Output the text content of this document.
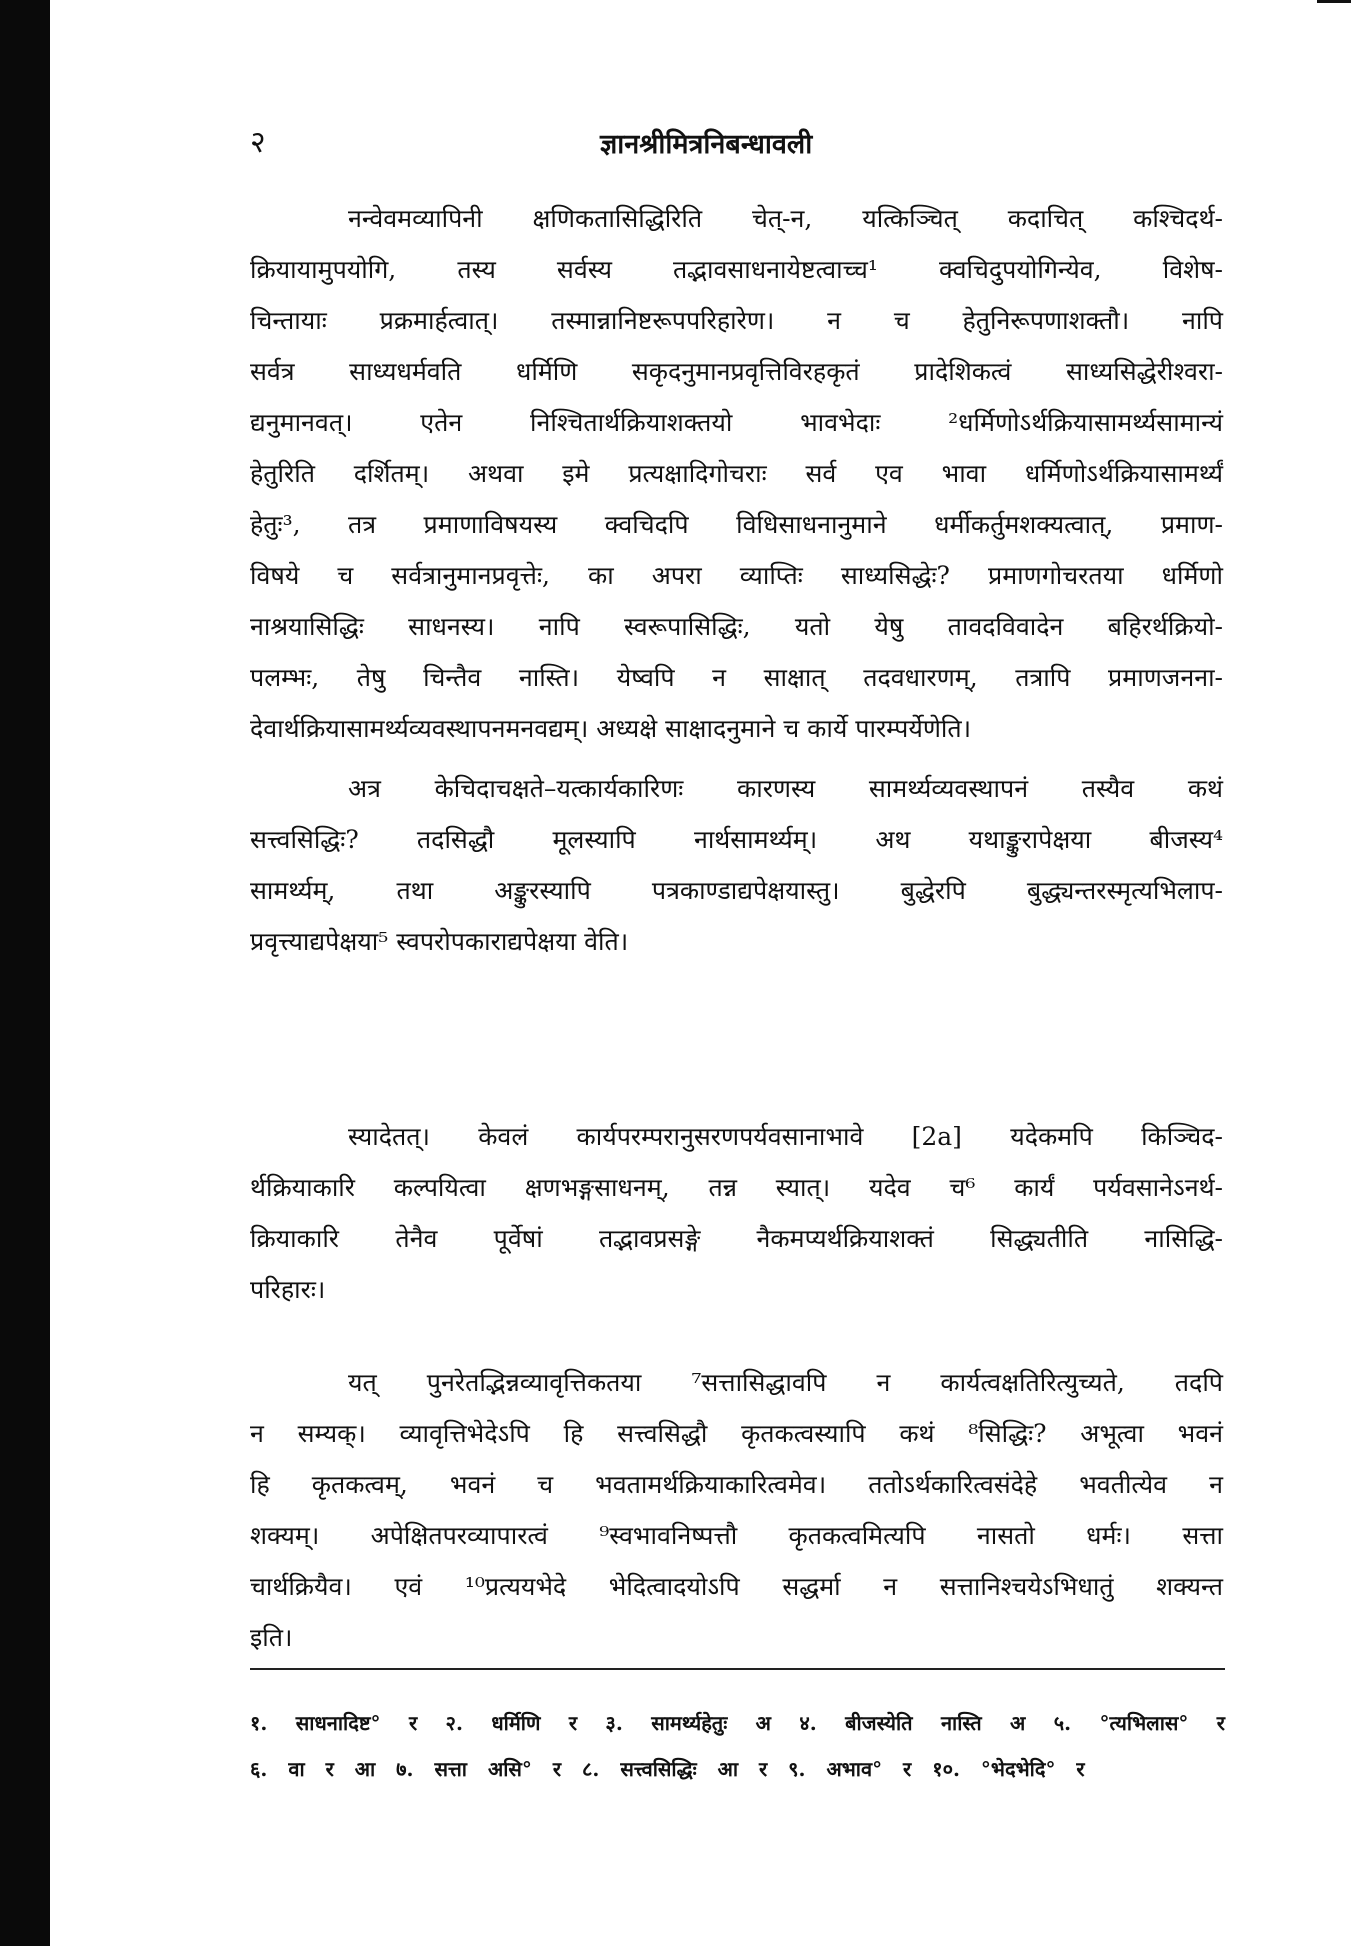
२	ज्ञानश्रीमित्रनिबन्धावली
नन्वेवमव्यापिनी क्षणिकतासिद्धिरिति चेत्-न, यत्किञ्चित् कदाचित् कश्चिदर्थ-
क्रियायामुपयोगि, तस्य सर्वस्य तद्भावसाधनायेष्टत्वाच्च¹ क्वचिदुपयोगिन्येव, विशेष-
चिन्तायाः प्रक्रमार्हत्वात्। तस्मान्नानिष्टरूपपरिहारेण। न च हेतुनिरूपणाशक्तौ। नापि
सर्वत्र साध्यधर्मवति धर्मिणि सकृदनुमानप्रवृत्तिविरहकृतं प्रादेशिकत्वं साध्यसिद्धेरीश्वरा-
द्यनुमानवत्। एतेन निश्चितार्थक्रियाशक्तयो भावभेदाः ²धर्मिणोऽर्थक्रियासामर्थ्यसामान्यं
हेतुरिति दर्शितम्। अथवा इमे प्रत्यक्षादिगोचराः सर्व एव भावा धर्मिणोऽर्थक्रियासामर्थ्यं
हेतुः³, तत्र प्रमाणाविषयस्य क्वचिदपि विधिसाधनानुमाने धर्मीकर्तुमशक्यत्वात्, प्रमाण-
विषये च सर्वत्रानुमानप्रवृत्तेः, का अपरा व्याप्तिः साध्यसिद्धेः? प्रमाणगोचरतया धर्मिणो
नाश्रयासिद्धिः साधनस्य। नापि स्वरूपासिद्धिः, यतो येषु तावदविवादेन बहिरर्थक्रियो-
पलम्भः, तेषु चिन्तैव नास्ति। येष्वपि न साक्षात् तदवधारणम्, तत्रापि प्रमाणजनना-
देवार्थक्रियासामर्थ्यव्यवस्थापनमनवद्यम्। अध्यक्षे साक्षादनुमाने च कार्ये पारम्पर्येणेति।
अत्र केचिदाचक्षते–यत्कार्यकारिणः कारणस्य सामर्थ्यव्यवस्थापनं तस्यैव कथं
सत्त्वसिद्धिः? तदसिद्धौ मूलस्यापि नार्थसामर्थ्यम्। अथ यथाङ्कुरापेक्षया बीजस्य⁴
सामर्थ्यम्, तथा अङ्कुरस्यापि पत्रकाण्डाद्यपेक्षयास्तु। बुद्धेरपि बुद्ध्यन्तरस्मृत्यभिलाप-
प्रवृत्त्याद्यपेक्षया⁵ स्वपरोपकाराद्यपेक्षया वेति।
स्यादेतत्। केवलं कार्यपरम्परानुसरणपर्यवसानाभावे [2a] यदेकमपि किञ्चिद-
र्थक्रियाकारि कल्पयित्वा क्षणभङ्गसाधनम्, तन्न स्यात्। यदेव च⁶ कार्यं पर्यवसानेऽनर्थ-
क्रियाकारि तेनैव पूर्वेषां तद्भावप्रसङ्गे नैकमप्यर्थक्रियाशक्तं सिद्ध्यतीति नासिद्धि-
परिहारः।
यत् पुनरेतद्भिन्नव्यावृत्तिकतया ⁷सत्तासिद्धावपि न कार्यत्वक्षतिरित्युच्यते, तदपि
न सम्यक्। व्यावृत्तिभेदेऽपि हि सत्त्वसिद्धौ कृतकत्वस्यापि कथं ⁸सिद्धिः? अभूत्वा भवनं
हि कृतकत्वम्, भवनं च भवतामर्थक्रियाकारित्वमेव। ततोऽर्थकारित्वसंदेहे भवतीत्येव न
शक्यम्। अपेक्षितपरव्यापारत्वं ⁹स्वभावनिष्पत्तौ कृतकत्वमित्यपि नासतो धर्मः। सत्ता
चार्थक्रियैव। एवं ¹⁰प्रत्ययभेदे भेदित्वादयोऽपि सद्धर्मा न सत्तानिश्चयेऽभिधातुं शक्यन्त
इति।
१. साधनादिष्ट° र २. धर्मिणि र ३. सामर्थ्यहेतुः अ ४. बीजस्येति नास्ति अ ५. °त्यभिलास° र
६. वा र आ ७. सत्ता असि° र ८. सत्त्वसिद्धिः आ र ९. अभाव° र १०. °भेदभेदि° र
